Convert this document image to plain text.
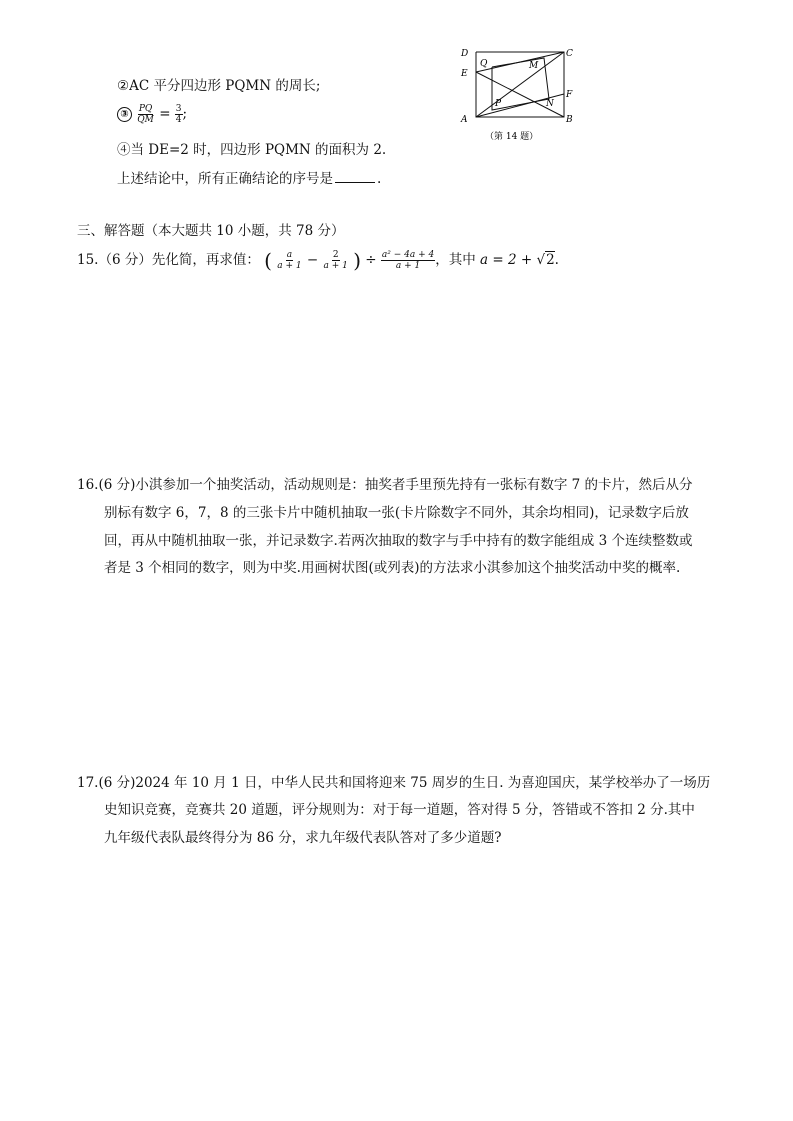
D	C
E
Q	M
F
P	N
A	B
（第 14 题）
②AC 平分四边形 PQMN 的周长;
③ $\frac{PQ}{QM} = \frac{3}{4}$ ;
④当 DE=2 时，四边形 PQMN 的面积为 2.
上述结论中，所有正确结论的序号是	.
三、解答题（本大题共 10 小题，共 78 分）
15.（6 分）先化简，再求值： ( $\frac{a}{a + 1} - \frac{2}{a + 1}$ ) ÷ $\frac{\text{a² − 4a + 4}}{a + 1}$ ，其中 a = 2 + √2.
16.(6 分)小淇参加一个抽奖活动，活动规则是：抽奖者手里预先持有一张标有数字 7 的卡片，然后从分
别标有数字 6，7，8 的三张卡片中随机抽取一张(卡片除数字不同外，其余均相同)，记录数字后放
回，再从中随机抽取一张，并记录数字.若两次抽取的数字与手中持有的数字能组成 3 个连续整数或
者是 3 个相同的数字，则为中奖.用画树状图(或列表)的方法求小淇参加这个抽奖活动中奖的概率.
17.(6 分)2024 年 10 月 1 日，中华人民共和国将迎来 75 周岁的生日. 为喜迎国庆，某学校举办了一场历
史知识竞赛，竞赛共 20 道题，评分规则为：对于每一道题，答对得 5 分，答错或不答扣 2 分.其中
九年级代表队最终得分为 86 分，求九年级代表队答对了多少道题?
